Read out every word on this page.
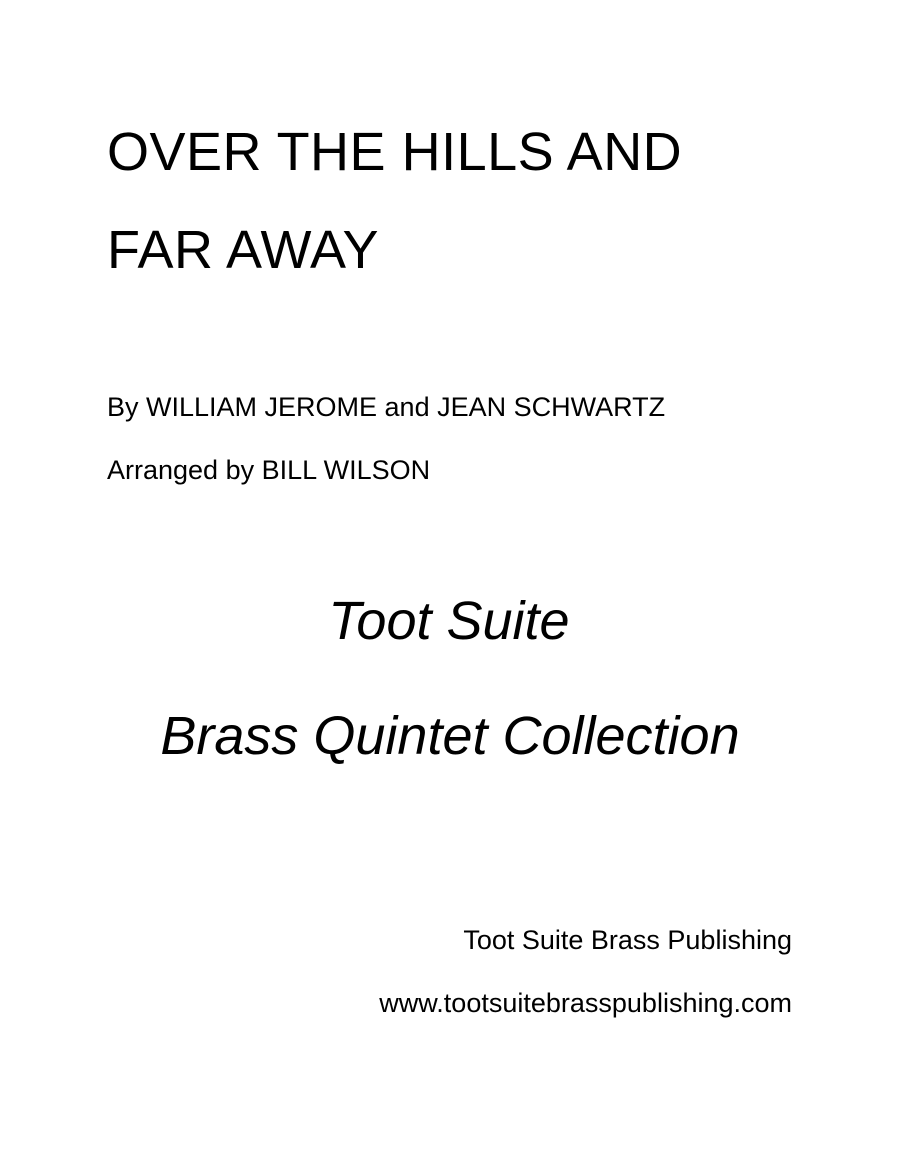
OVER THE HILLS AND
FAR AWAY
By WILLIAM JEROME and JEAN SCHWARTZ
Arranged by BILL WILSON
Toot Suite
Brass Quintet Collection
Toot Suite Brass Publishing
www.tootsuitebrasspublishing.com
